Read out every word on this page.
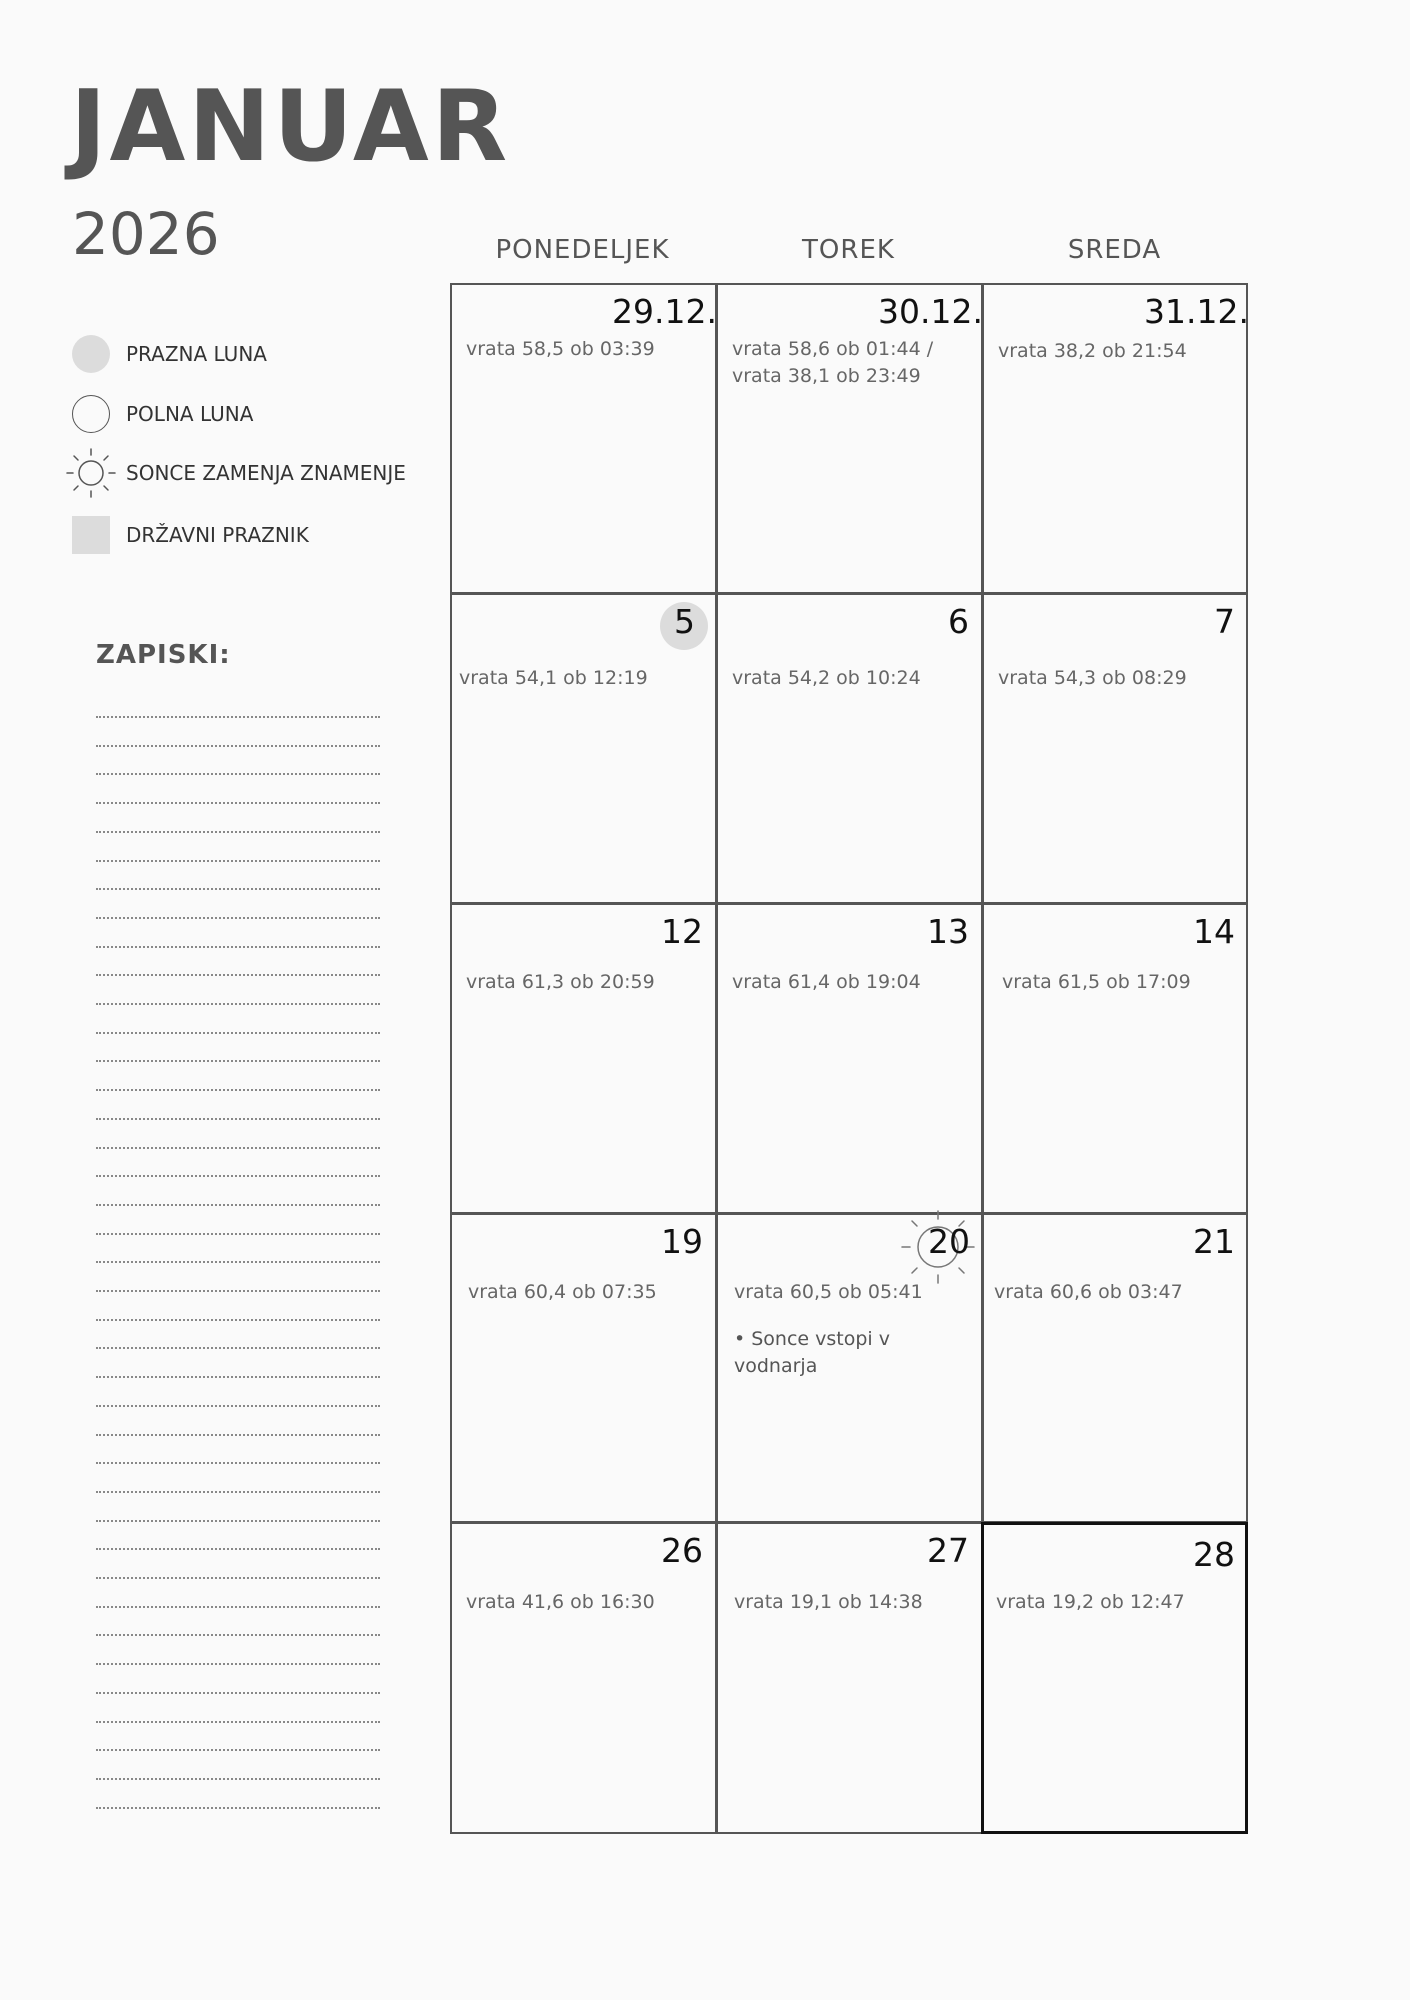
JANUAR
2026
PRAZNA LUNA
POLNA LUNA
SONCE ZAMENJA ZNAMENJE
DRŽAVNI PRAZNIK
ZAPISKI:
PONEDELJEK	TOREK	SREDA
29.12.
vrata 58,5 ob 03:39
30.12.
vrata 58,6 ob 01:44 /
vrata 38,1 ob 23:49
31.12.
vrata 38,2 ob 21:54
5
vrata 54,1 ob 12:19
6
vrata 54,2 ob 10:24
7
vrata 54,3 ob 08:29
12
vrata 61,3 ob 20:59
13
vrata 61,4 ob 19:04
14
vrata 61,5 ob 17:09
19
vrata 60,4 ob 07:35
20
vrata 60,5 ob 05:41
• Sonce vstopi v
vodnarja
21
vrata 60,6 ob 03:47
26
vrata 41,6 ob 16:30
27
vrata 19,1 ob 14:38
28
vrata 19,2 ob 12:47
